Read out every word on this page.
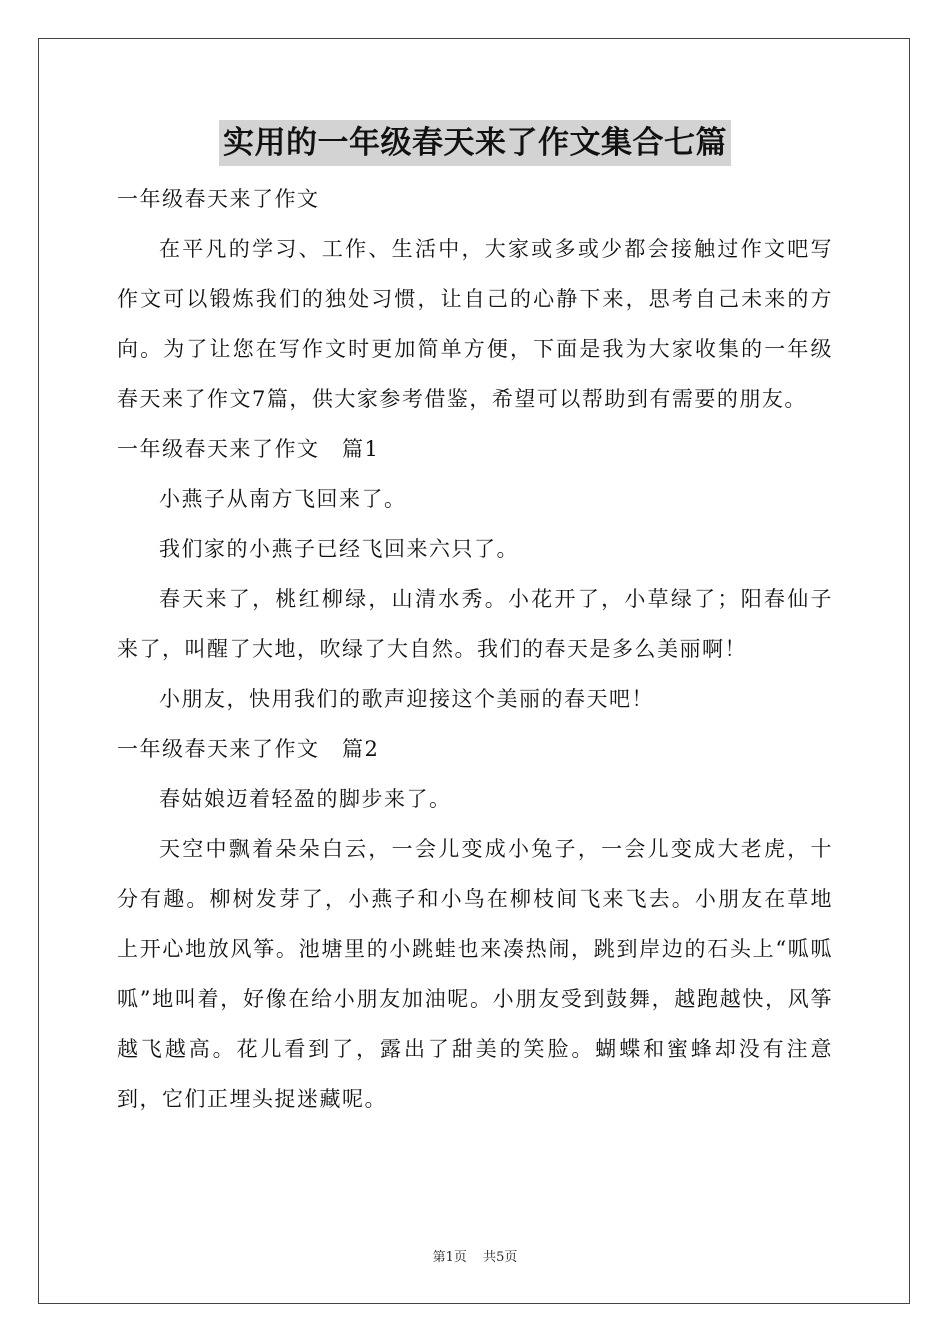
实用的一年级春天来了作文集合七篇

一年级春天来了作文

在平凡的学习、工作、生活中，大家或多或少都会接触过作文吧写作文可以锻炼我们的独处习惯，让自己的心静下来，思考自己未来的方向。为了让您在写作文时更加简单方便，下面是我为大家收集的一年级春天来了作文7篇，供大家参考借鉴，希望可以帮助到有需要的朋友。

一年级春天来了作文　篇1

小燕子从南方飞回来了。

我们家的小燕子已经飞回来六只了。

春天来了，桃红柳绿，山清水秀。小花开了，小草绿了；阳春仙子来了，叫醒了大地，吹绿了大自然。我们的春天是多么美丽啊！

小朋友，快用我们的歌声迎接这个美丽的春天吧！

一年级春天来了作文　篇2

春姑娘迈着轻盈的脚步来了。

天空中飘着朵朵白云，一会儿变成小兔子，一会儿变成大老虎，十分有趣。柳树发芽了，小燕子和小鸟在柳枝间飞来飞去。小朋友在草地上开心地放风筝。池塘里的小跳蛙也来凑热闹，跳到岸边的石头上“呱呱呱”地叫着，好像在给小朋友加油呢。小朋友受到鼓舞，越跑越快，风筝越飞越高。花儿看到了，露出了甜美的笑脸。蝴蝶和蜜蜂却没有注意到，它们正埋头捉迷藏呢。

第1页 共5页
